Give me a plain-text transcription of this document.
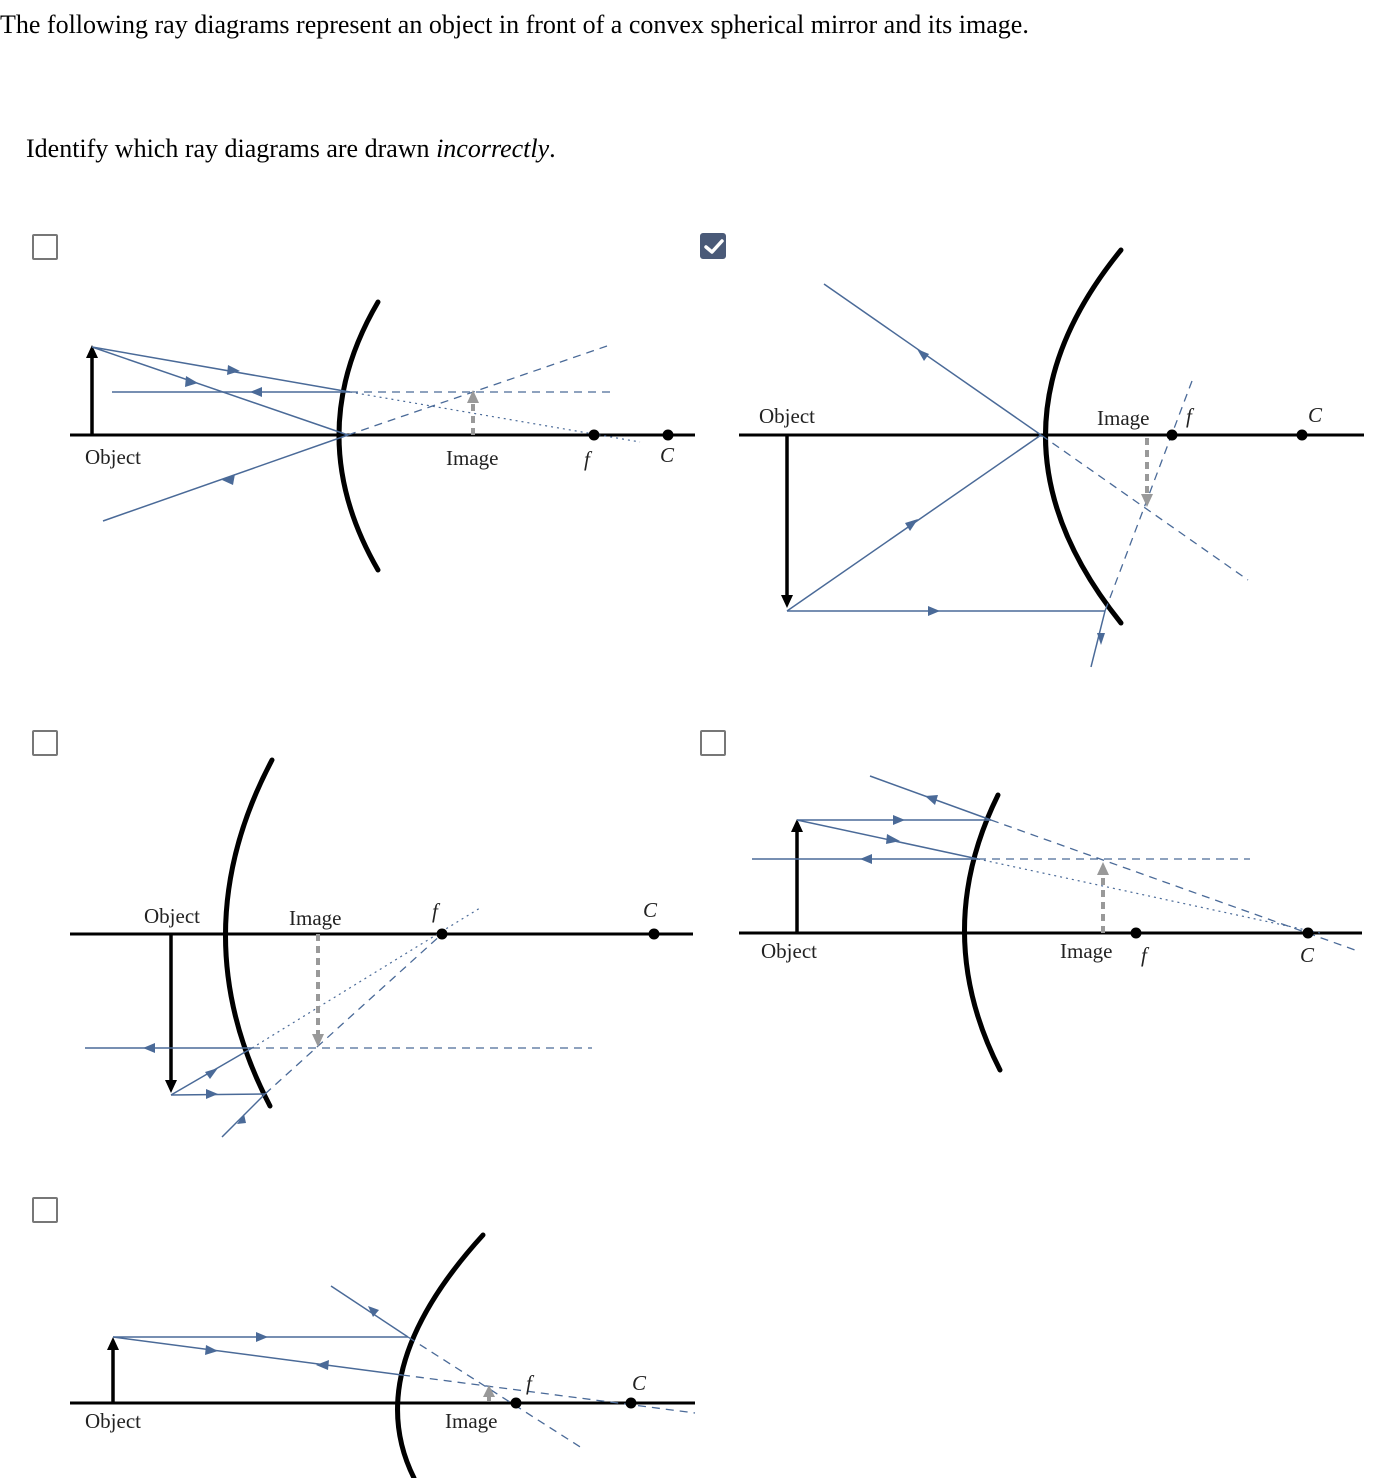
The following ray diagrams represent an object in front of a convex spherical mirror and its image.
Identify which ray diagrams are drawn incorrectly.
Object	Image	f	C
Object	Image f	C
Object	Image	f	C
Object	Image f	C
Object	Image
f	C
